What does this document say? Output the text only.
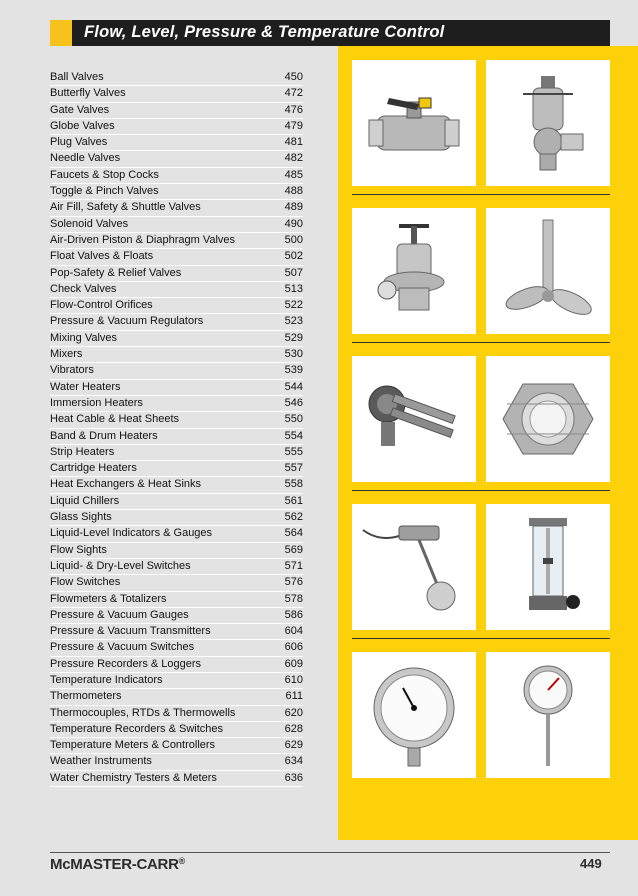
Flow, Level, Pressure & Temperature Control
Ball Valves	450
Butterfly Valves	472
Gate Valves	476
Globe Valves	479
Plug Valves	481
Needle Valves	482
Faucets & Stop Cocks	485
Toggle & Pinch Valves	488
Air Fill, Safety & Shuttle Valves	489
Solenoid Valves	490
Air-Driven Piston & Diaphragm Valves	500
Float Valves & Floats	502
Pop-Safety & Relief Valves	507
Check Valves	513
Flow-Control Orifices	522
Pressure & Vacuum Regulators	523
Mixing Valves	529
Mixers	530
Vibrators	539
Water Heaters	544
Immersion Heaters	546
Heat Cable & Heat Sheets	550
Band & Drum Heaters	554
Strip Heaters	555
Cartridge Heaters	557
Heat Exchangers & Heat Sinks	558
Liquid Chillers	561
Glass Sights	562
Liquid-Level Indicators & Gauges	564
Flow Sights	569
Liquid- & Dry-Level Switches	571
Flow Switches	576
Flowmeters & Totalizers	578
Pressure & Vacuum Gauges	586
Pressure & Vacuum Transmitters	604
Pressure & Vacuum Switches	606
Pressure Recorders & Loggers	609
Temperature Indicators	610
Thermometers	611
Thermocouples, RTDs & Thermowells	620
Temperature Recorders & Switches	628
Temperature Meters & Controllers	629
Weather Instruments	634
Water Chemistry Testers & Meters	636
McMASTER-CARR®	449
